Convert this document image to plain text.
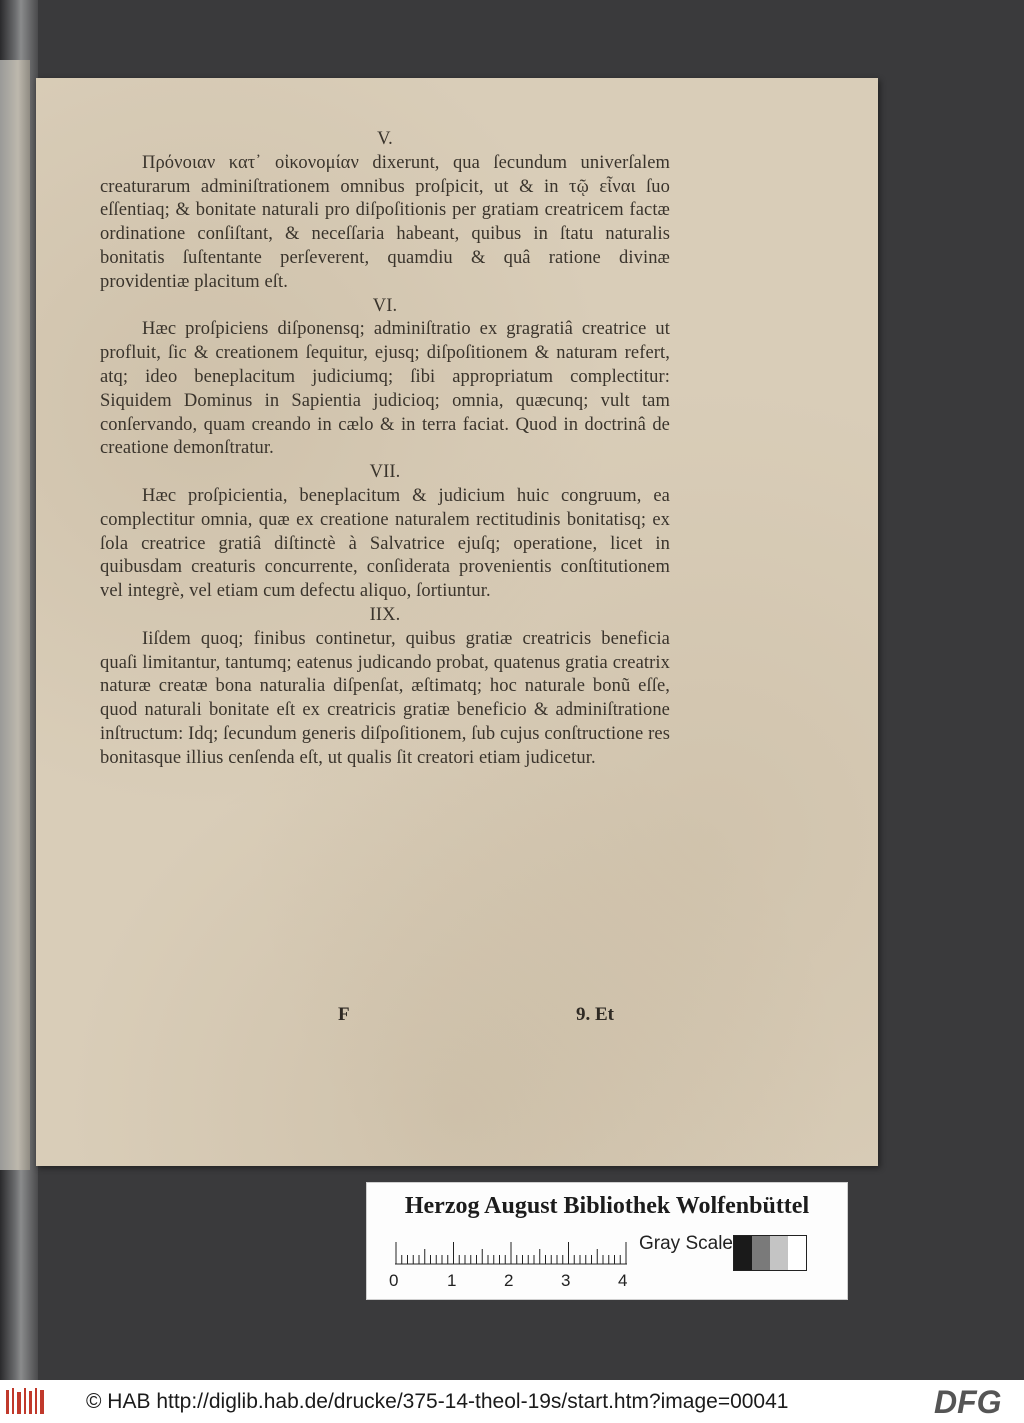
V.

Πρόνοιαν κατ᾽ οἰκονομίαν dixerunt, qua ſecundum univerſalem creaturarum adminiſtrationem omnibus proſpicit, ut & in τῷ εἶναι ſuo eſſentiaq; & bonitate naturali pro diſpoſitionis per gratiam creatricem factæ ordinatione conſiſtant, & neceſſaria habeant, quibus in ſtatu naturalis bonitatis ſuſtentante perſeverent, quamdiu & quâ ratione divinæ providentiæ placitum eſt.

VI.

Hæc proſpiciens diſponensq; adminiſtratio ex gragratiâ creatrice ut profluit, ſic & creationem ſequitur, ejusq; diſpoſitionem & naturam refert, atq; ideo beneplacitum judiciumq; ſibi appropriatum complectitur: Siquidem Dominus in Sapientia judicioq; omnia, quæcunq; vult tam conſervando, quam creando in cælo & in terra faciat. Quod in doctrinâ de creatione demonſtratur.

VII.

Hæc proſpicientia, beneplacitum & judicium huic congruum, ea complectitur omnia, quæ ex creatione naturalem rectitudinis bonitatisq; ex ſola creatrice gratiâ diſtinctè à Salvatrice ejuſq; operatione, licet in quibusdam creaturis concurrente, conſiderata provenientis conſtitutionem vel integrè, vel etiam cum defectu aliquo, ſortiuntur.

IIX.

Iiſdem quoq; finibus continetur, quibus gratiæ creatricis beneficia quaſi limitantur, tantumq; eatenus judicando probat, quatenus gratia creatrix naturæ creatæ bona naturalia diſpenſat, æſtimatq; hoc naturale bonũ eſſe, quod naturali bonitate eſt ex creatricis gratiæ beneficio & adminiſtratione inſtructum: Idq; ſecundum generis diſpoſitionem, ſub cujus conſtructione res bonitasque illius cenſenda eſt, ut qualis ſit creatori etiam judicetur.

F	9. Et
Herzog August Bibliothek Wolfenbüttel
0	1	2	3	4
Gray Scale
© HAB http://diglib.hab.de/drucke/375-14-theol-19s/start.htm?image=00041	DFG
